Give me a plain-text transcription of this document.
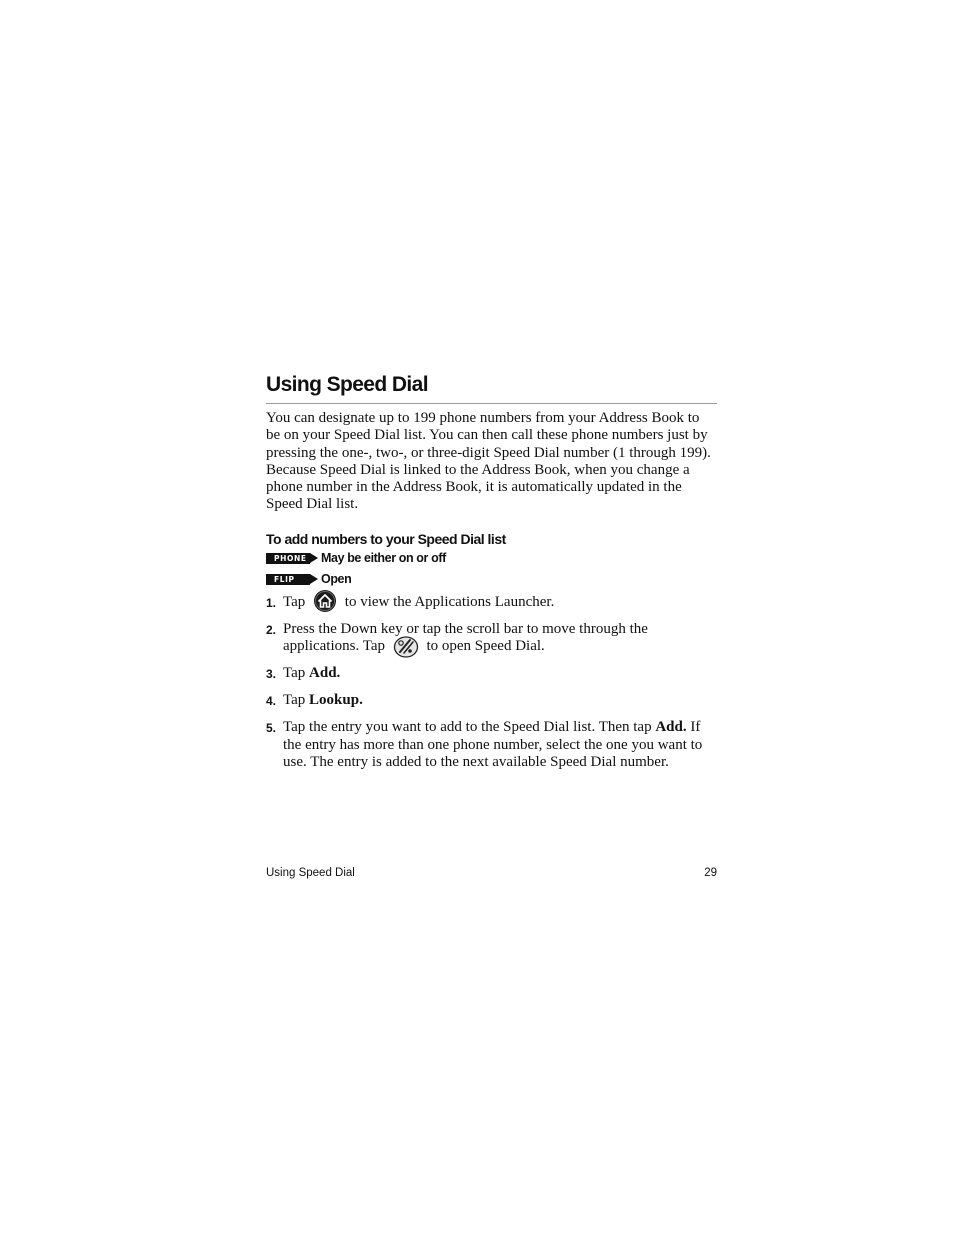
Using Speed Dial

You can designate up to 199 phone numbers from your Address Book to be on your Speed Dial list. You can then call these phone numbers just by pressing the one-, two-, or three-digit Speed Dial number (1 through 199). Because Speed Dial is linked to the Address Book, when you change a phone number in the Address Book, it is automatically updated in the Speed Dial list.

To add numbers to your Speed Dial list
PHONE May be either on or off
FLIP	Open
1. Tap	to view the Applications Launcher.
2. Press the Down key or tap the scroll bar to move through the applications. Tap	to open Speed Dial.
3. Tap Add.
4. Tap Lookup.
5. Tap the entry you want to add to the Speed Dial list. Then tap Add. If the entry has more than one phone number, select the one you want to use. The entry is added to the next available Speed Dial number.
Using Speed Dial	29
